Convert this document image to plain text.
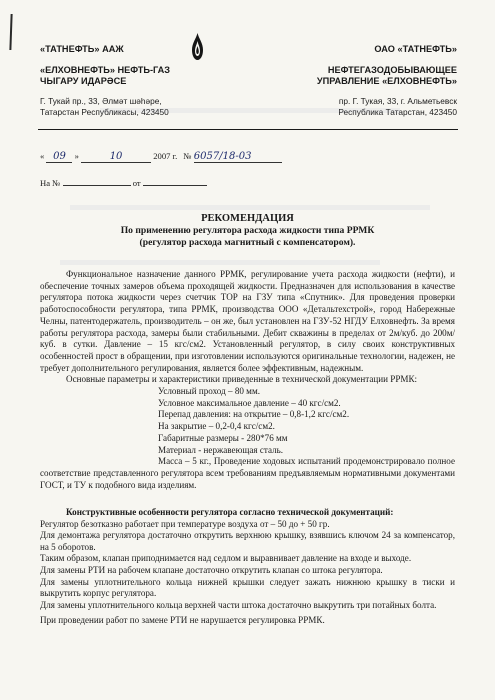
«ТАТНЕФТЬ» ААЖ
«ЕЛХОВНЕФТЬ» НЕФТЬ-ГАЗ
ЧЫГАРУ ИДАРӘСЕ
Г. Тукай пр., 33, Әлмәт шәһәре,
Татарстан Республикасы, 423450
ОАО «ТАТНЕФТЬ»
НЕФТЕГАЗОДОБЫВАЮЩЕЕ
УПРАВЛЕНИЕ «ЕЛХОВНЕФТЬ»
пр. Г. Тукая, 33, г. Альметьевск
Республика Татарстан, 423450
« 09 »	10	2007 г. № 6057/18-03
На №	от
РЕКОМЕНДАЦИЯ
По применению регулятора расхода жидкости типа РРМК
(регулятор расхода магнитный с компенсатором).

Функциональное назначение данного РРМК, регулирование учета расхода жидкости (нефти), и обеспечение точных замеров объема проходящей жидкости. Предназначен для использования в качестве регулятора потока жидкости через счетчик ТОР на ГЗУ типа «Спутник». Для проведения проверки работоспособности регулятора, типа РРМК, производства ООО «Детальтехстрой», город Набережные Челны, патентодержатель, производитель – он же, был установлен на ГЗУ-52 НГДУ Елховнефть. За время работы регулятора расхода, замеры были стабильными. Дебит скважины в пределах от 2м/куб. до 200м/куб. в сутки. Давление – 15 кгс/см2. Установленный регулятор, в силу своих конструктивных особенностей прост в обращении, при изготовлении используются оригинальные технологии, надежен, не требует дополнительного регулирования, является более эффективным, надежным.

Основные параметры и характеристики приведенные в технической документации РРМК:

Условный проход – 80 мм.

Условное максимальное давление – 40 кгс/см2.

Перепад давления: на открытие – 0,8-1,2 кгс/см2.

На закрытие – 0,2-0,4 кгс/см2.

Габаритные размеры - 280*76 мм

Материал - нержавеющая сталь.

Масса – 5 кг., Проведение ходовых испытаний продемонстрировало полное соответствие представленного регулятора всем требованиям предъявляемым нормативными документами ГОСТ, и ТУ к подобного вида изделиям.

Конструктивные особенности регулятора согласно технической документаций:

Регулятор безотказно работает при температуре воздуха от – 50 до + 50 гр.

Для демонтажа регулятора достаточно открутить верхнюю крышку, взявшись ключом 24 за компенсатор, на 5 оборотов.

Таким образом, клапан приподнимается над седлом и выравнивает давление на входе и выходе.

Для замены РТИ на рабочем клапане достаточно открутить клапан со штока регулятора.

Для замены уплотнительного кольца нижней крышки следует зажать нижнюю крышку в тиски и выкрутить корпус регулятора.

Для замены уплотнительного кольца верхней части штока достаточно выкрутить три потайных болта.

При проведении работ по замене РТИ не нарушается регулировка РРМК.
